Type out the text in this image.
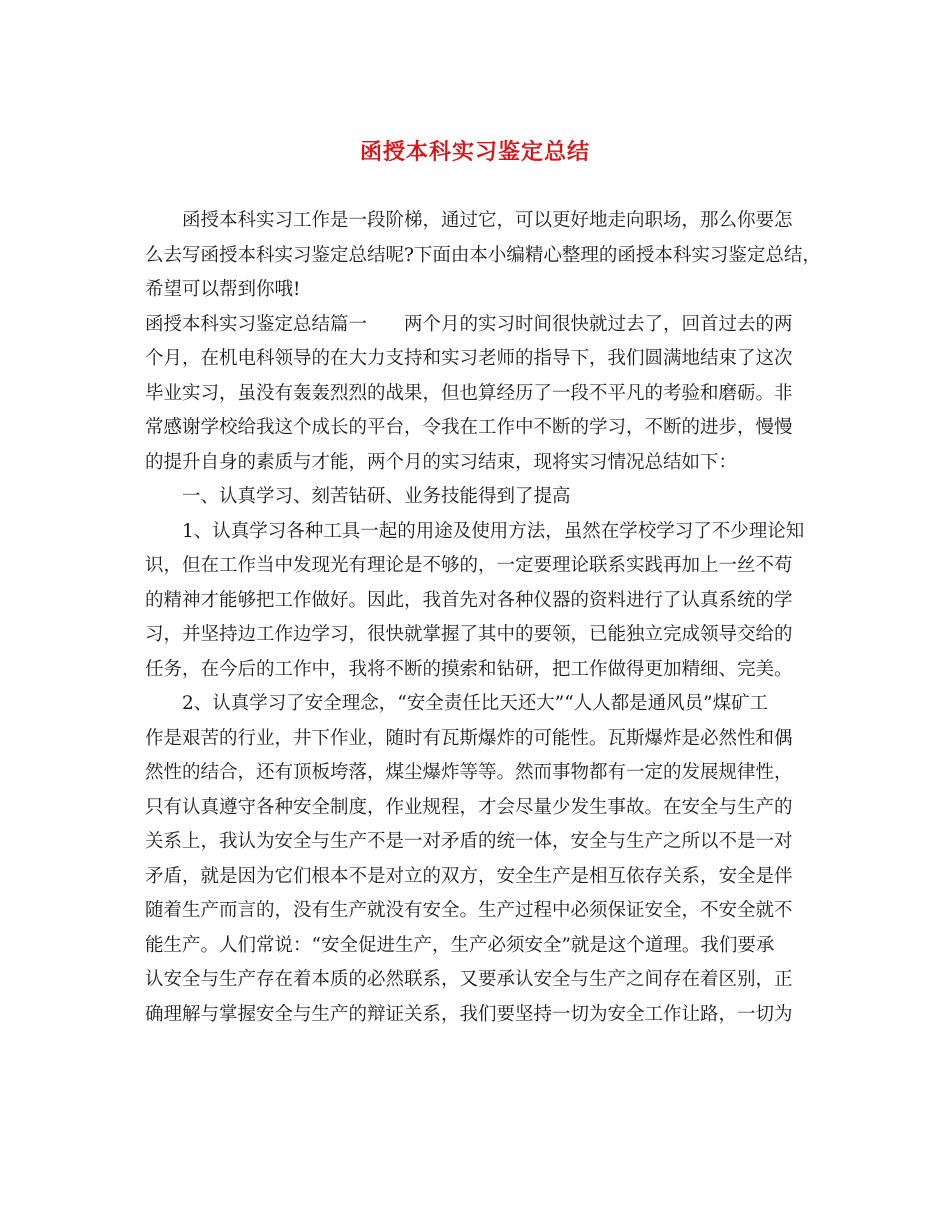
函授本科实习鉴定总结
函授本科实习工作是一段阶梯，通过它，可以更好地走向职场，那么你要怎
么去写函授本科实习鉴定总结呢?下面由本小编精心整理的函授本科实习鉴定总结，
希望可以帮到你哦!
函授本科实习鉴定总结篇一　　两个月的实习时间很快就过去了，回首过去的两
个月，在机电科领导的在大力支持和实习老师的指导下，我们圆满地结束了这次
毕业实习，虽没有轰轰烈烈的战果，但也算经历了一段不平凡的考验和磨砺。非
常感谢学校给我这个成长的平台，令我在工作中不断的学习，不断的进步，慢慢
的提升自身的素质与才能，两个月的实习结束，现将实习情况总结如下：
一、认真学习、刻苦钻研、业务技能得到了提高
1、认真学习各种工具一起的用途及使用方法，虽然在学校学习了不少理论知
识，但在工作当中发现光有理论是不够的，一定要理论联系实践再加上一丝不苟
的精神才能够把工作做好。因此，我首先对各种仪器的资料进行了认真系统的学
习，并坚持边工作边学习，很快就掌握了其中的要领，已能独立完成领导交给的
任务，在今后的工作中，我将不断的摸索和钻研，把工作做得更加精细、完美。
2、认真学习了安全理念，“安全责任比天还大”“人人都是通风员”煤矿工
作是艰苦的行业，井下作业，随时有瓦斯爆炸的可能性。瓦斯爆炸是必然性和偶
然性的结合，还有顶板垮落，煤尘爆炸等等。然而事物都有一定的发展规律性，
只有认真遵守各种安全制度，作业规程，才会尽量少发生事故。在安全与生产的
关系上，我认为安全与生产不是一对矛盾的统一体，安全与生产之所以不是一对
矛盾，就是因为它们根本不是对立的双方，安全生产是相互依存关系，安全是伴
随着生产而言的，没有生产就没有安全。生产过程中必须保证安全，不安全就不
能生产。人们常说：“安全促进生产，生产必须安全”就是这个道理。我们要承
认安全与生产存在着本质的必然联系，又要承认安全与生产之间存在着区别，正
确理解与掌握安全与生产的辩证关系，我们要坚持一切为安全工作让路，一切为
